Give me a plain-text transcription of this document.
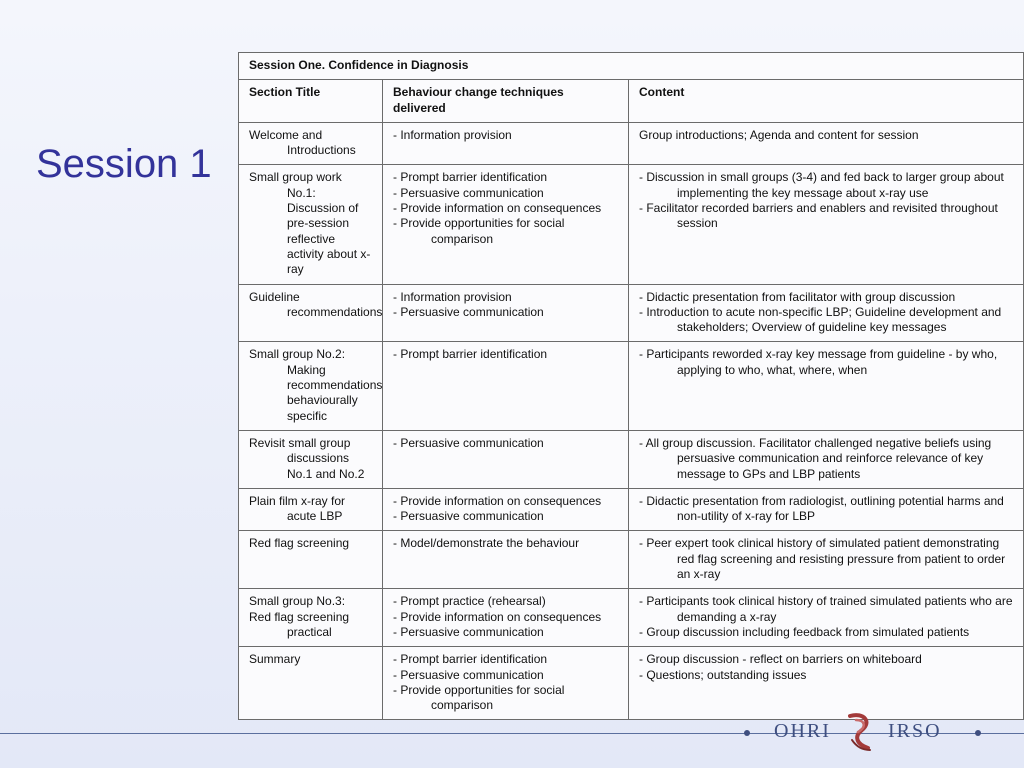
Session 1
Session One. Confidence in Diagnosis		
Section Title	Behaviour change techniques delivered	Content

Welcome and Introductions	- Information provision	Group introductions; Agenda and content for session

Small group work No.1: Discussion of pre-session reflective activity about x-ray	- Prompt barrier identification
- Persuasive communication
- Provide information on consequences
- Provide opportunities for social comparison	- Discussion in small groups (3-4) and fed back to larger group about implementing the key message about x-ray use
- Facilitator recorded barriers and enablers and revisited throughout session

Guideline recommendations	- Information provision
- Persuasive communication	- Didactic presentation from facilitator with group discussion
- Introduction to acute non-specific LBP; Guideline development and stakeholders; Overview of guideline key messages

Small group No.2: Making recommendations behaviourally specific	- Prompt barrier identification	- Participants reworded x-ray key message from guideline - by who, applying to who, what, where, when

Revisit small group discussions No.1 and No.2	- Persuasive communication	- All group discussion. Facilitator challenged negative beliefs using persuasive communication and reinforce relevance of key message to GPs and LBP patients

Plain film x-ray for acute LBP	- Provide information on consequences
- Persuasive communication	- Didactic presentation from radiologist, outlining potential harms and non-utility of x-ray for LBP

Red flag screening	- Model/demonstrate the behaviour	- Peer expert took clinical history of simulated patient demonstrating red flag screening and resisting pressure from patient to order an x-ray

Small group No.3:
Red flag screening practical	- Prompt practice (rehearsal)
- Provide information on consequences
- Persuasive communication	- Participants took clinical history of trained simulated patients who are demanding a x-ray
- Group discussion including feedback from simulated patients

Summary	- Prompt barrier identification
- Persuasive communication
- Provide opportunities for social comparison	- Group discussion - reflect on barriers on whiteboard
- Questions; outstanding issues
OHRI	IRSO
